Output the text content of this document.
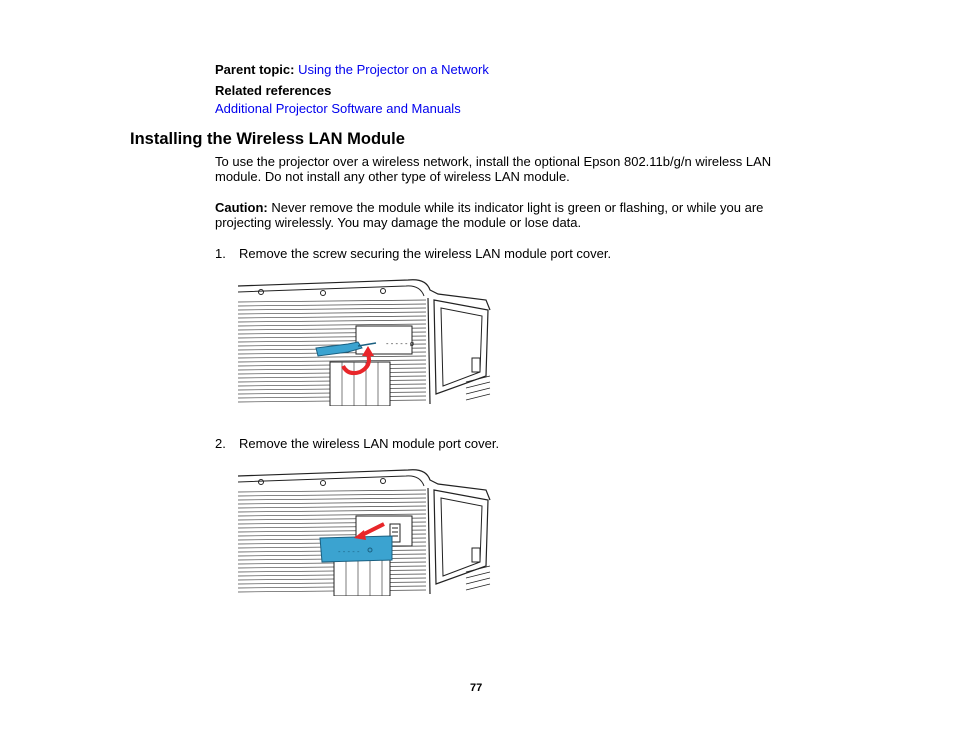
Parent topic: Using the Projector on a Network
Related references
Additional Projector Software and Manuals
Installing the Wireless LAN Module
To use the projector over a wireless network, install the optional Epson 802.11b/g/n wireless LAN
module. Do not install any other type of wireless LAN module.
Caution: Never remove the module while its indicator light is green or flashing, or while you are
projecting wirelessly. You may damage the module or lose data.
1. Remove the screw securing the wireless LAN module port cover.
- - - - - ø
2. Remove the wireless LAN module port cover.
- - - - -
77
